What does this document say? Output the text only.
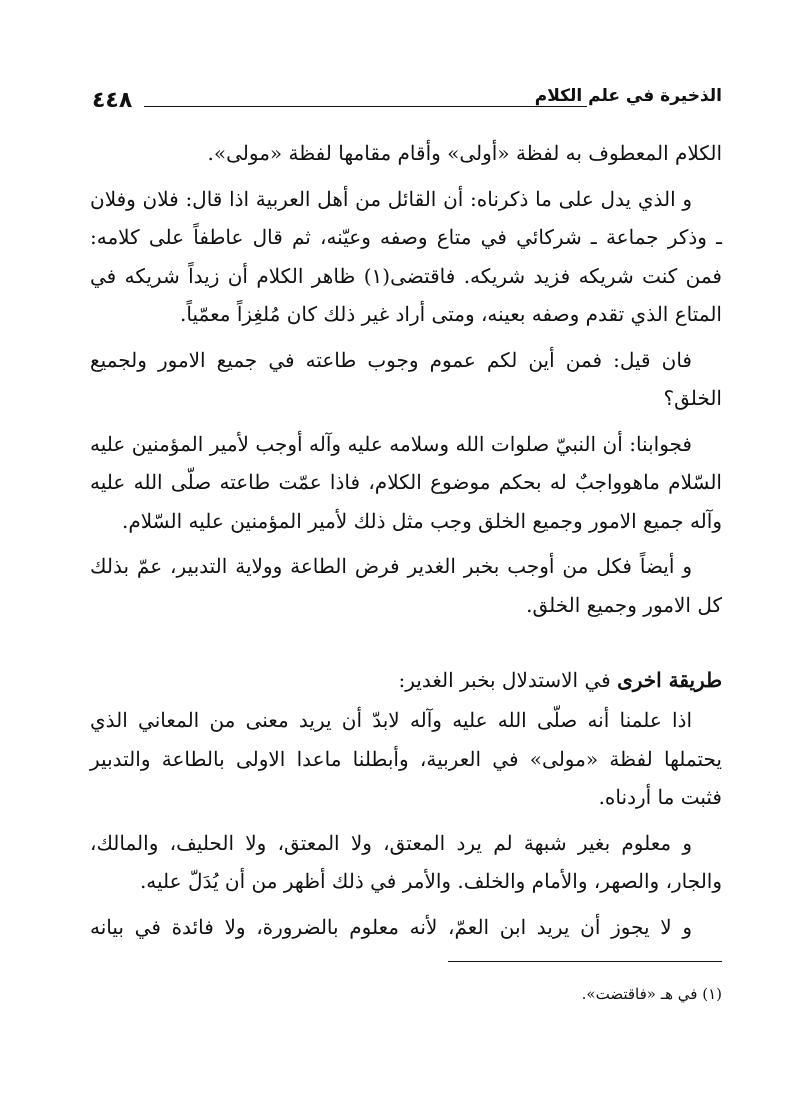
٤٤٨	الذخيرة في علم الكلام

الكلام المعطوف به لفظة «أولى» وأقام مقامها لفظة «مولى».

و الذي يدل على ما ذكرناه: أن القائل من أهل العربية اذا قال: فلان وفلان ـ وذكر جماعة ـ شركائي في متاع وصفه وعيّنه، ثم قال عاطفاً على كلامه: فمن كنت شريكه فزيد شريكه. فاقتضى(١) ظاهر الكلام أن زيداً شريكه في المتاع الذي تقدم وصفه بعينه، ومتى أراد غير ذلك كان مُلغِزاً معمّياً.

فان قيل: فمن أين لكم عموم وجوب طاعته في جميع الامور ولجميع الخلق؟

فجوابنا: أن النبيّ صلوات الله وسلامه عليه وآله أوجب لأمير المؤمنين عليه السّلام ماهوواجبٌ له بحكم موضوع الكلام، فاذا عمّت طاعته صلّى الله عليه وآله جميع الامور وجميع الخلق وجب مثل ذلك لأمير المؤمنين عليه السّلام.

و أيضاً فكل من أوجب بخبر الغدير فرض الطاعة وولاية التدبير، عمّ بذلك كل الامور وجميع الخلق.

طريقة اخرى في الاستدلال بخبر الغدير:

اذا علمنا أنه صلّى الله عليه وآله لابدّ أن يريد معنى من المعاني الذي يحتملها لفظة «مولى» في العربية، وأبطلنا ماعدا الاولى بالطاعة والتدبير فثبت ما أردناه.

و معلوم بغير شبهة لم يرد المعتق، ولا المعتق، ولا الحليف، والمالك، والجار، والصهر، والأمام والخلف. والأمر في ذلك أظهر من أن يُدَلّ عليه.

و لا يجوز أن يريد ابن العمّ، لأنه معلوم بالضرورة، ولا فائدة في بيانه

(١) في هـ «فاقتضت».
